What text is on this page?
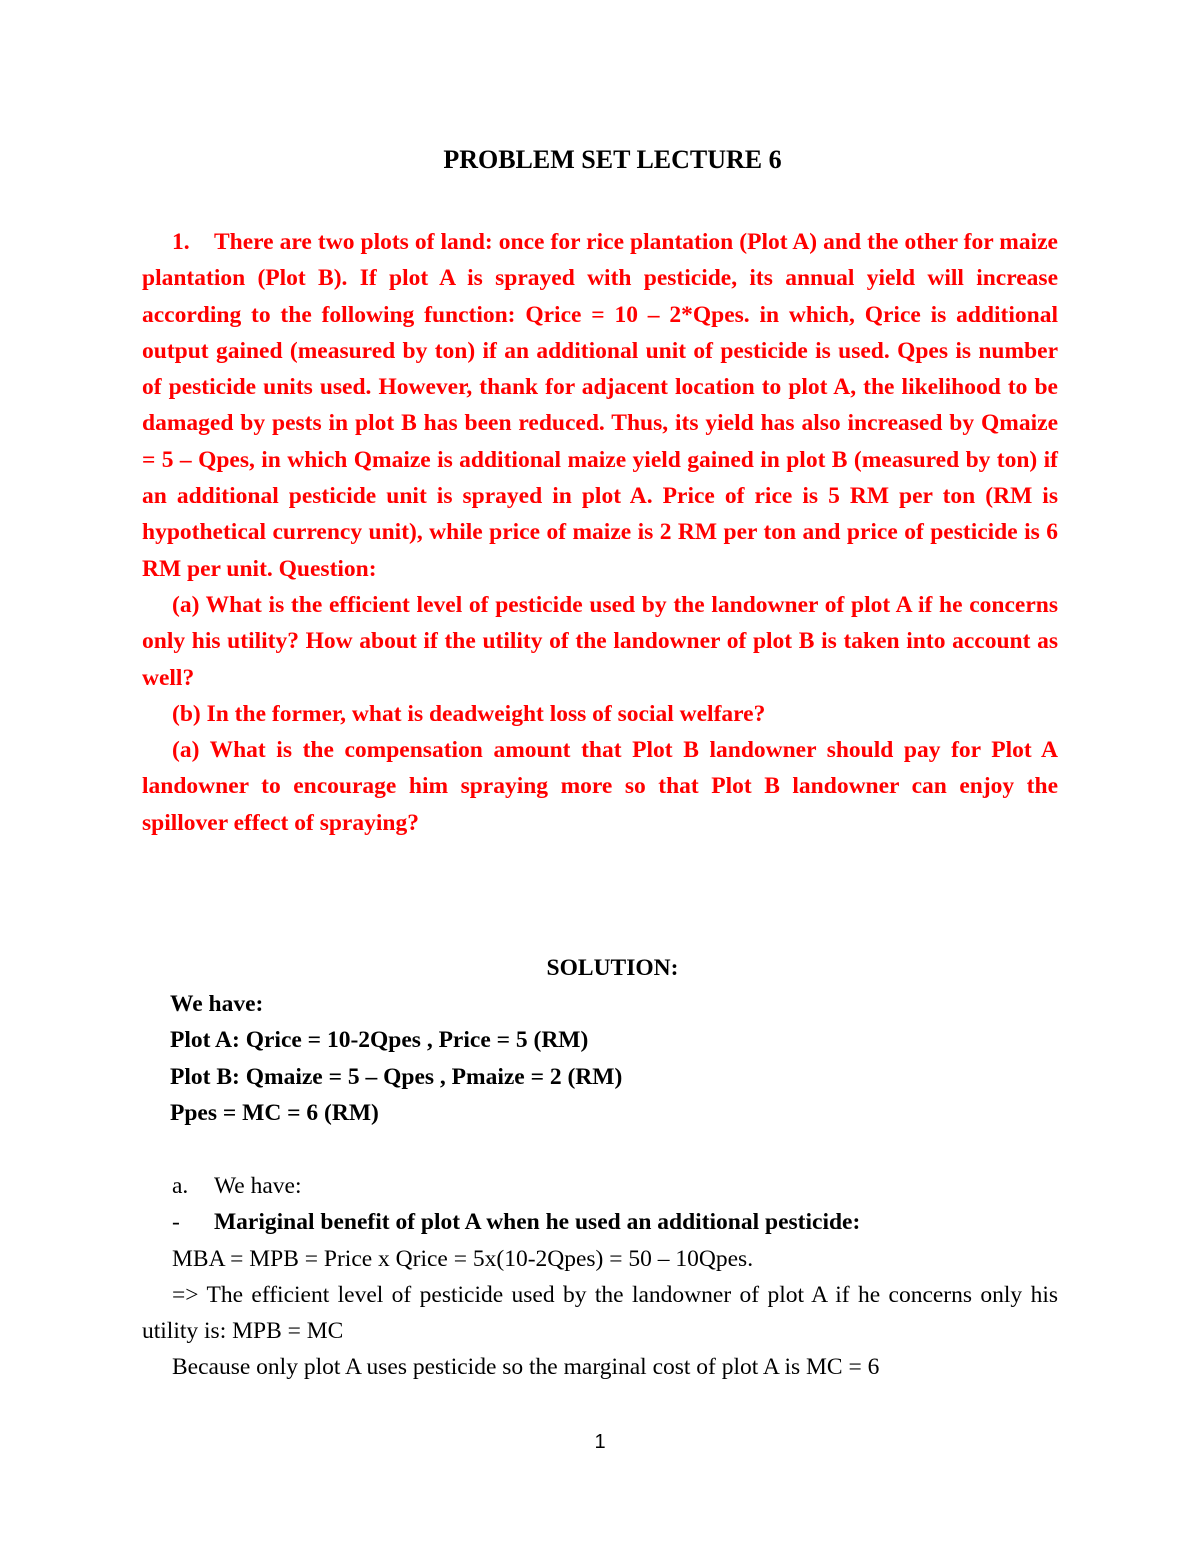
PROBLEM SET LECTURE 6

1. There are two plots of land: once for rice plantation (Plot A) and the other for maize plantation (Plot B). If plot A is sprayed with pesticide, its annual yield will increase according to the following function: Qrice = 10 – 2*Qpes. in which, Qrice is additional output gained (measured by ton) if an additional unit of pesticide is used. Qpes is number of pesticide units used. However, thank for adjacent location to plot A, the likelihood to be damaged by pests in plot B has been reduced. Thus, its yield has also increased by Qmaize = 5 – Qpes, in which Qmaize is additional maize yield gained in plot B (measured by ton) if an additional pesticide unit is sprayed in plot A. Price of rice is 5 RM per ton (RM is hypothetical currency unit), while price of maize is 2 RM per ton and price of pesticide is 6 RM per unit. Question:

(a) What is the efficient level of pesticide used by the landowner of plot A if he concerns only his utility? How about if the utility of the landowner of plot B is taken into account as well?

(b) In the former, what is deadweight loss of social welfare?

(a) What is the compensation amount that Plot B landowner should pay for Plot A landowner to encourage him spraying more so that Plot B landowner can enjoy the spillover effect of spraying?

SOLUTION:
We have:
Plot A: Qrice = 10-2Qpes , Price = 5 (RM)
Plot B: Qmaize = 5 – Qpes , Pmaize = 2 (RM)
Ppes = MC = 6 (RM)

a. We have:

- Mariginal benefit of plot A when he used an additional pesticide:

MBA = MPB = Price x Qrice = 5x(10-2Qpes) = 50 – 10Qpes.

=> The efficient level of pesticide used by the landowner of plot A if he concerns only his utility is: MPB = MC

Because only plot A uses pesticide so the marginal cost of plot A is MC = 6

1
